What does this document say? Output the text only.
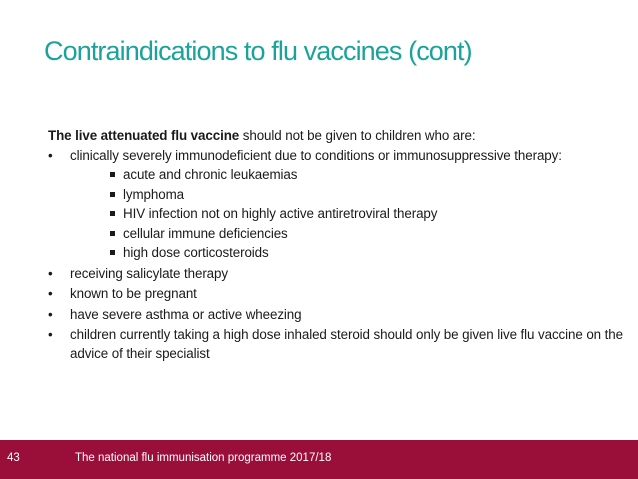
Contraindications to flu vaccines (cont)

The live attenuated flu vaccine should not be given to children who are:

• clinically severely immunodeficient due to conditions or immunosuppressive therapy:
acute and chronic leukaemias
lymphoma
HIV infection not on highly active antiretroviral therapy
cellular immune deficiencies
high dose corticosteroids
• receiving salicylate therapy
• known to be pregnant
• have severe asthma or active wheezing
• children currently taking a high dose inhaled steroid should only be given live flu vaccine on the advice of their specialist
43	The national flu immunisation programme 2017/18
